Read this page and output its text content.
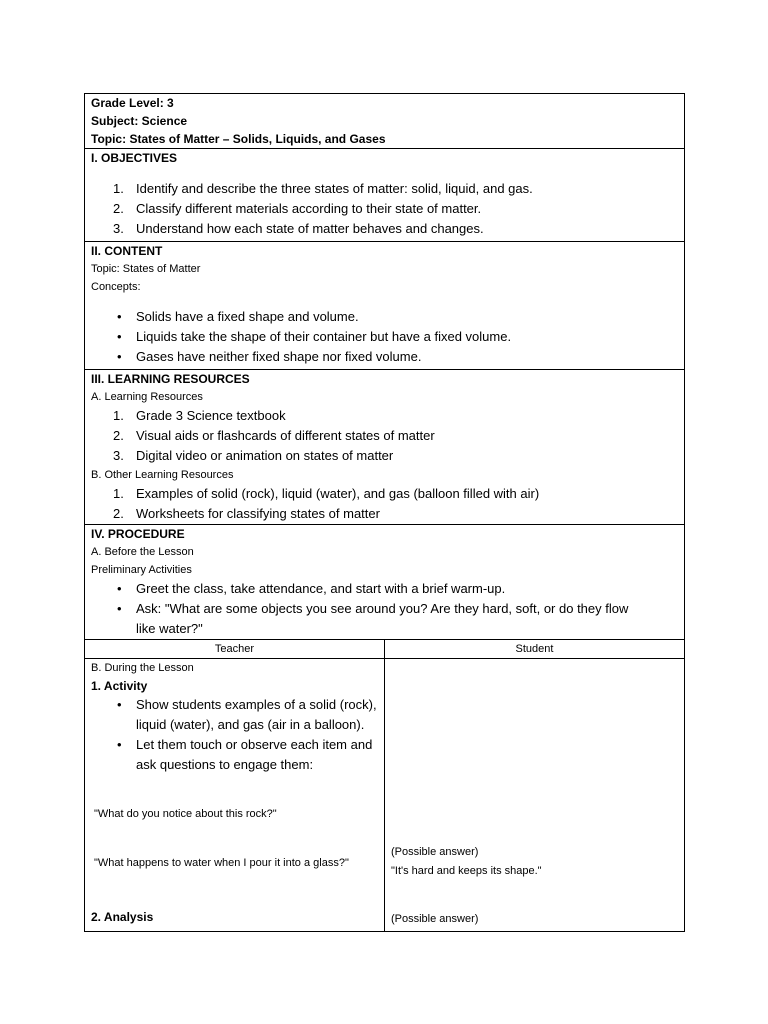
Grade Level: 3
Subject: Science
Topic: States of Matter – Solids, Liquids, and Gases
I. OBJECTIVES
1. Identify and describe the three states of matter: solid, liquid, and gas.
2. Classify different materials according to their state of matter.
3. Understand how each state of matter behaves and changes.
II. CONTENT
Topic: States of Matter
Concepts:
• Solids have a fixed shape and volume.
• Liquids take the shape of their container but have a fixed volume.
• Gases have neither fixed shape nor fixed volume.
III. LEARNING RESOURCES
A. Learning Resources
1. Grade 3 Science textbook
2. Visual aids or flashcards of different states of matter
3. Digital video or animation on states of matter
B. Other Learning Resources
1. Examples of solid (rock), liquid (water), and gas (balloon filled with air)
2. Worksheets for classifying states of matter
IV. PROCEDURE
A. Before the Lesson
Preliminary Activities
• Greet the class, take attendance, and start with a brief warm-up.
• Ask: "What are some objects you see around you? Are they hard, soft, or do they flow like water?"
Teacher	Student
B. During the Lesson
1. Activity
• Show students examples of a solid (rock), liquid (water), and gas (air in a balloon).
• Let them touch or observe each item and ask questions to engage them:
"What do you notice about this rock?"
"What happens to water when I pour it into a glass?"
2. Analysis
(Possible answer)
"It's hard and keeps its shape."
(Possible answer)
